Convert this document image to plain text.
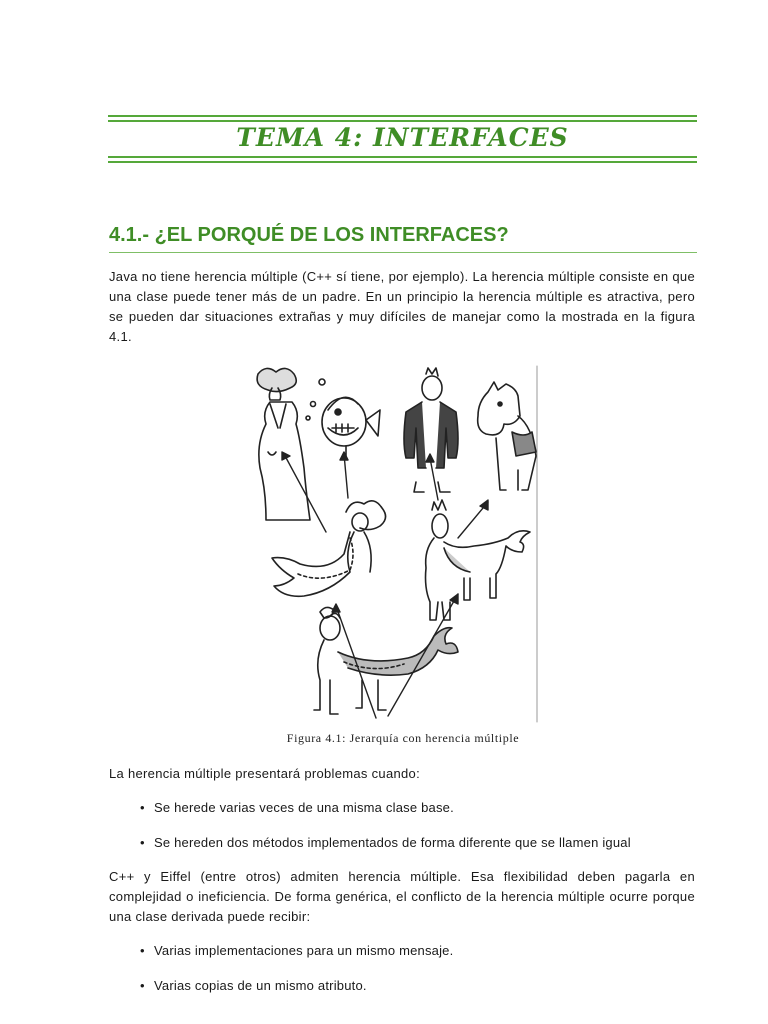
TEMA 4: INTERFACES
4.1.- ¿EL PORQUÉ DE LOS INTERFACES?
Java no tiene herencia múltiple (C++ sí tiene, por ejemplo). La herencia múltiple consiste en que una clase puede tener más de un padre. En un principio la herencia múltiple es atractiva, pero se pueden dar situaciones extrañas y muy difíciles de manejar como la mostrada en la figura 4.1.
Figura 4.1: Jerarquía con herencia múltiple
La herencia múltiple presentará problemas cuando:
• Se herede varias veces de una misma clase base.
• Se hereden dos métodos implementados de forma diferente que se llamen igual
C++ y Eiffel (entre otros) admiten herencia múltiple. Esa flexibilidad deben pagarla en complejidad o ineficiencia. De forma genérica, el conflicto de la herencia múltiple ocurre porque una clase derivada puede recibir:
• Varias implementaciones para un mismo mensaje.
• Varias copias de un mismo atributo.
